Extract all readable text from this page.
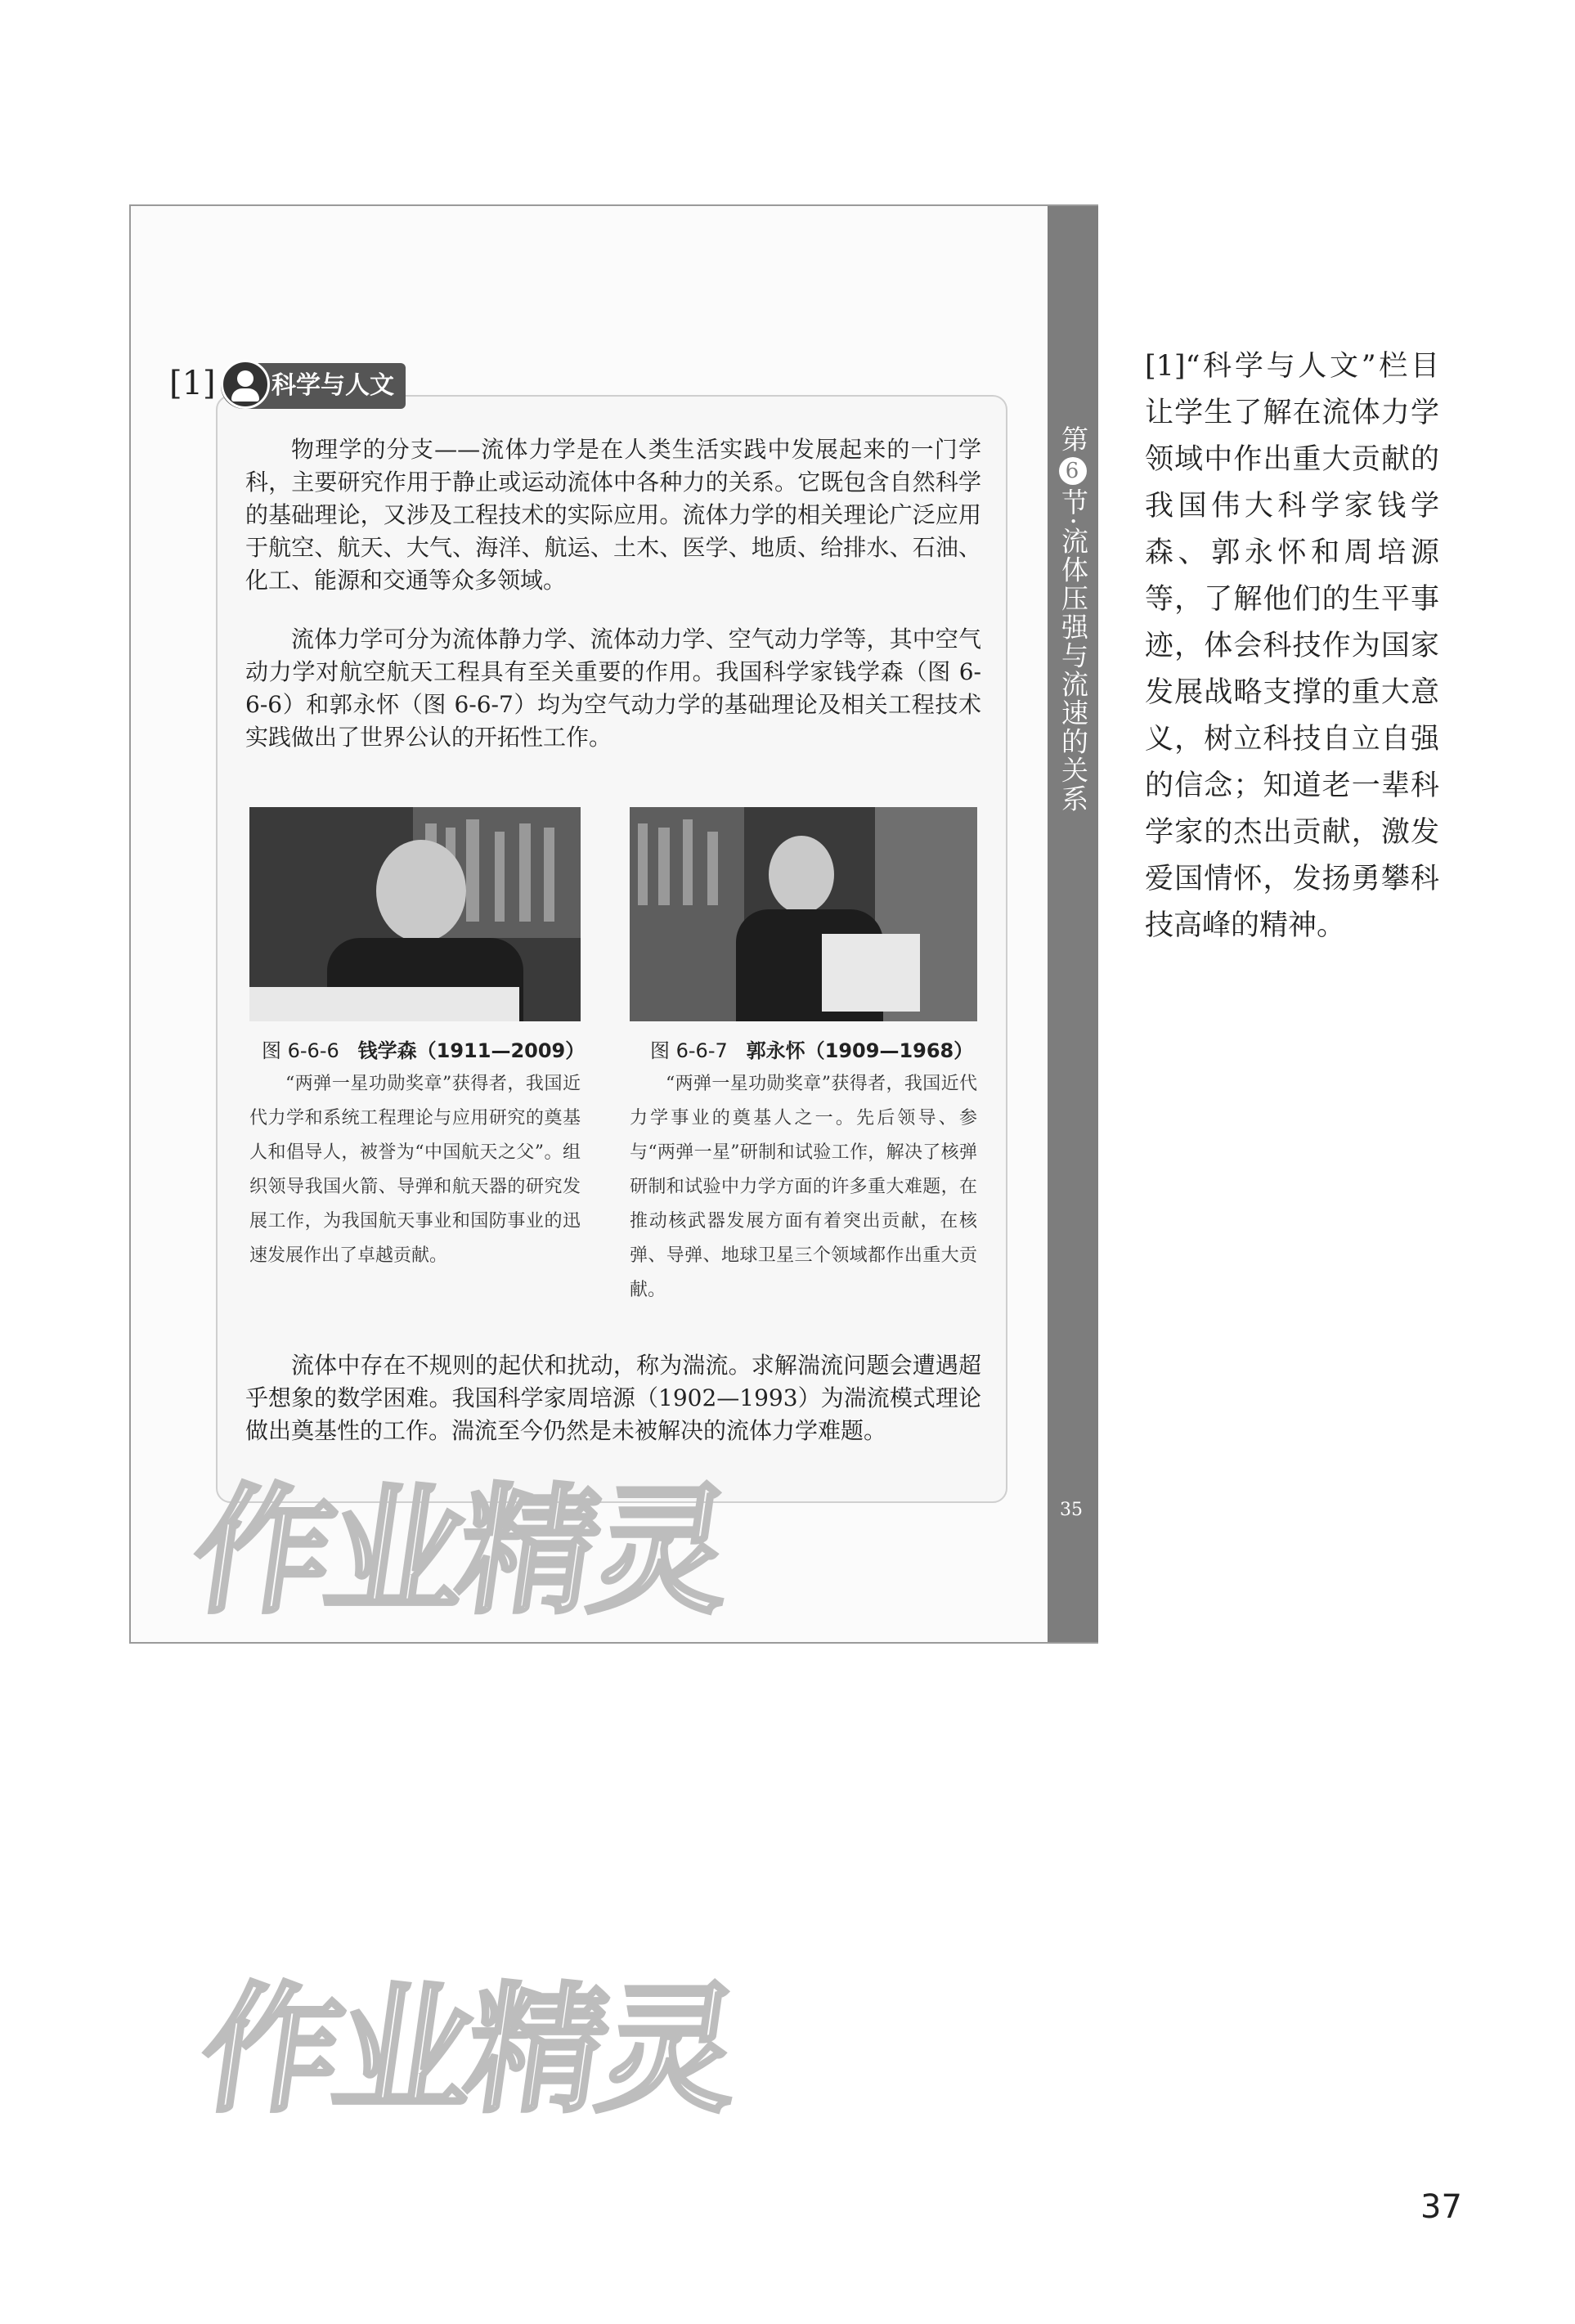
第6节·流体压强与流速的关系
35
[1]	科学与人文

物理学的分支——流体力学是在人类生活实践中发展起来的一门学科，主要研究作用于静止或运动流体中各种力的关系。它既包含自然科学的基础理论，又涉及工程技术的实际应用。流体力学的相关理论广泛应用于航空、航天、大气、海洋、航运、土木、医学、地质、给排水、石油、化工、能源和交通等众多领域。

流体力学可分为流体静力学、流体动力学、空气动力学等，其中空气动力学对航空航天工程具有至关重要的作用。我国科学家钱学森（图 6-6-6）和郭永怀（图 6-6-7）均为空气动力学的基础理论及相关工程技术实践做出了世界公认的开拓性工作。

图 6-6-6 钱学森（1911—2009）	图 6-6-7 郭永怀（1909—1968）

“两弹一星功勋奖章”获得者，我国近代力学和系统工程理论与应用研究的奠基人和倡导人，被誉为“中国航天之父”。组织领导我国火箭、导弹和航天器的研究发展工作，为我国航天事业和国防事业的迅速发展作出了卓越贡献。

“两弹一星功勋奖章”获得者，我国近代力学事业的奠基人之一。先后领导、参与“两弹一星”研制和试验工作，解决了核弹研制和试验中力学方面的许多重大难题，在推动核武器发展方面有着突出贡献，在核弹、导弹、地球卫星三个领域都作出重大贡献。

流体中存在不规则的起伏和扰动，称为湍流。求解湍流问题会遭遇超乎想象的数学困难。我国科学家周培源（1902—1993）为湍流模式理论做出奠基性的工作。湍流至今仍然是未被解决的流体力学难题。

作业精灵
作业精灵

[1]“科学与人文”栏目让学生了解在流体力学领域中作出重大贡献的我国伟大科学家钱学森、郭永怀和周培源等，了解他们的生平事迹，体会科技作为国家发展战略支撑的重大意义，树立科技自立自强的信念；知道老一辈科学家的杰出贡献，激发爱国情怀，发扬勇攀科技高峰的精神。

37
